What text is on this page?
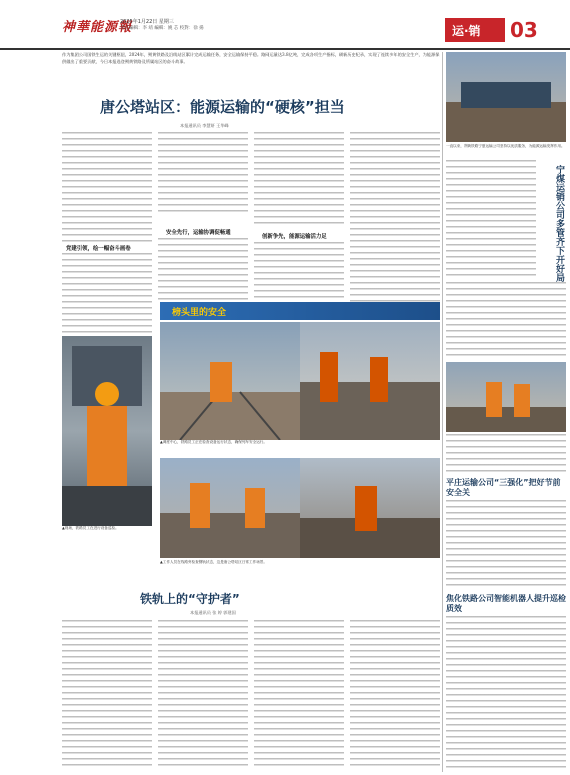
神華能源報
2025年1月22日 星期三
責任編輯：李 靖 編輯：姚 芯 校對：徐 揚	运·销 03
作为集团公司国铁生运的关键枢纽，2024年，朔黄铁路及沿线站区累计完成运输任务，安全运输保持平稳。路网运量达3.8亿吨，完成各项生产指标，刷新历史纪录，实现了连续多年的安全生产，为能源保供做出了重要贡献，今日本报选登朔黄铁路及所属站区的奋斗故事。
唐公塔站区：能源运输的“硬核”担当
本报通讯员 李慧妍 王华峰
党建引领，绘一幅奋斗画卷
安全先行，运输协调促畅通
创新争先，能源运输活力足
榜头里的安全
▲现场，铁路员工在进行设备巡检。
▲调度中心，铁路员工正在检查设备运行状态，确保列车安全运行。
▲工作人员在线路旁检查钢轨状态，这是唐公塔站区日常工作场景。
铁轨上的“守护者”
本报通讯员 张 婷 郭建国
一直以来，朔黄铁路宁夏运输公司坚持以优质服务，为能源运输发挥作用。
宁煤运销公司多管齐下开好局
平庄运输公司“三强化”把好节前安全关
焦化铁路公司智能机器人提升巡检质效
